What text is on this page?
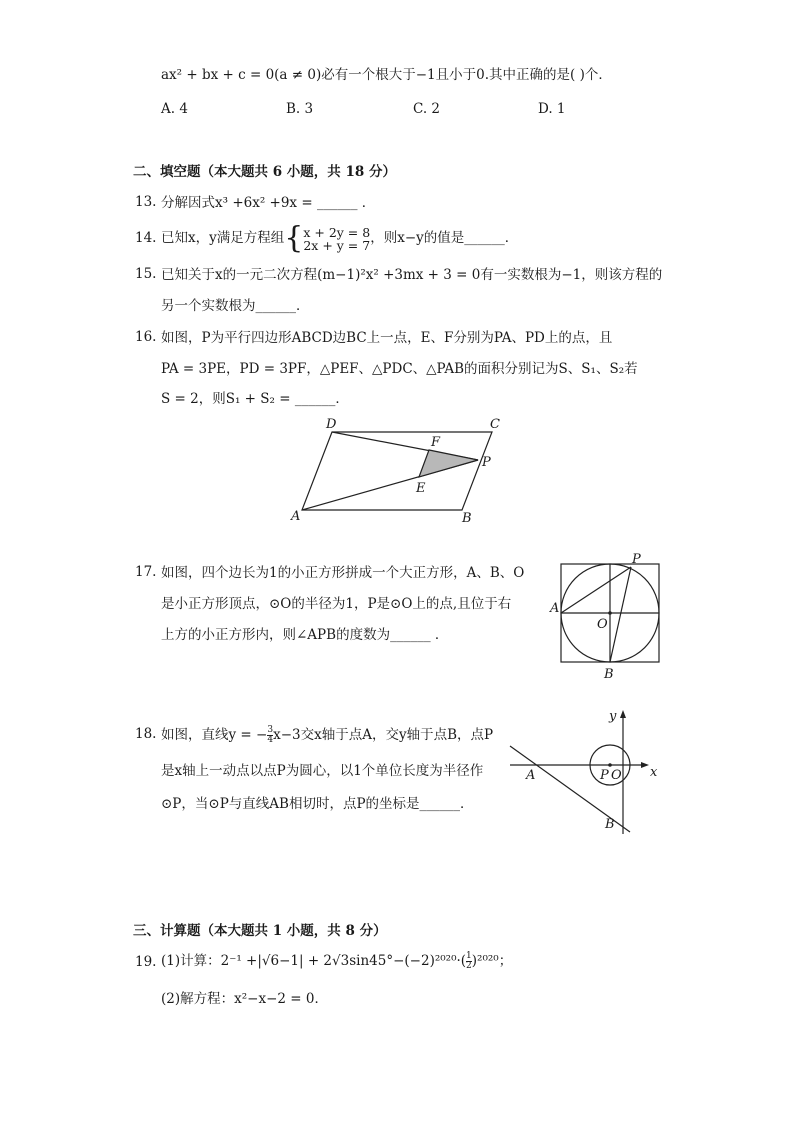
ax² + bx + c = 0(a ≠ 0)必有一个根大于−1且小于0.其中正确的是( )个．
A. 4	B. 3	C. 2	D. 1
二、填空题（本大题共 6 小题，共 18 分）
13. 分解因式x³ +6x² +9x = ______ ．
14. 已知x，y满足方程组{ x + 2y = 8
2x + y = 7 ，则x−y的值是______．
15. 已知关于x的一元二次方程(m−1)²x² +3mx + 3 = 0有一实数根为−1，则该方程的
另一个实数根为______．
16. 如图，P为平行四边形ABCD边BC上一点，E、F分别为PA、PD上的点，且
PA = 3PE，PD = 3PF，△PEF、△PDC、△PAB的面积分别记为S、S₁、S₂若
S = 2，则S₁ + S₂ = ______．
A	B
C
D
E
F
P
17. 如图，四个边长为1的小正方形拼成一个大正方形，A、B、O
是小正方形顶点，⊙O的半径为1，P是⊙O上的点,且位于右
上方的小正方形内，则∠APB的度数为______ ．
A
B
O
P
18. 如图，直线y = − $\frac{3}{4} x-3$交x轴于点A，交y轴于点B，点P
是x轴上一动点以点P为圆心，以1个单位长度为半径作
⊙P，当⊙P与直线AB相切时，点P的坐标是______．
A
B
P O x
y
三、计算题（本大题共 1 小题，共 8 分）
19. (1)计算：$2^{-1} +|√6-1| + 2√3\sin 45^\circ-(-2)^{2020}\cdot( \frac{1}{2} )^{2020}$；
(2)解方程：x²−x−2 = 0．
